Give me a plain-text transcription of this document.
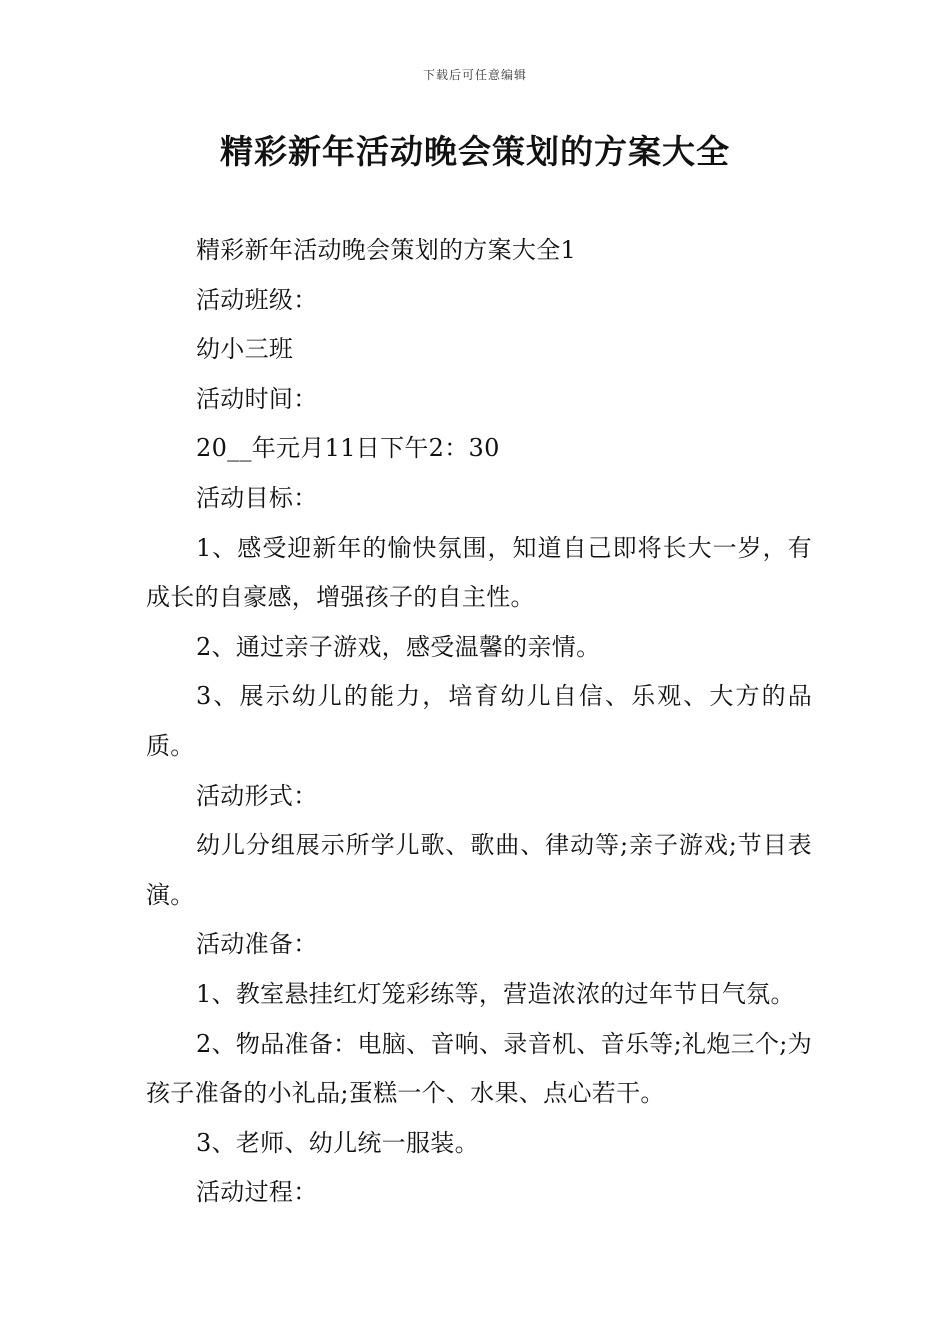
下载后可任意编辑
精彩新年活动晚会策划的方案大全

精彩新年活动晚会策划的方案大全1

活动班级：

幼小三班

活动时间：

20__年元月11日下午2：30

活动目标：

1、感受迎新年的愉快氛围，知道自己即将长大一岁，有成长的自豪感，增强孩子的自主性。

2、通过亲子游戏，感受温馨的亲情。

3、展示幼儿的能力，培育幼儿自信、乐观、大方的品质。

活动形式：

幼儿分组展示所学儿歌、歌曲、律动等;亲子游戏;节目表演。

活动准备：

1、教室悬挂红灯笼彩练等，营造浓浓的过年节日气氛。

2、物品准备：电脑、音响、录音机、音乐等;礼炮三个;为孩子准备的小礼品;蛋糕一个、水果、点心若干。

3、老师、幼儿统一服装。

活动过程：
